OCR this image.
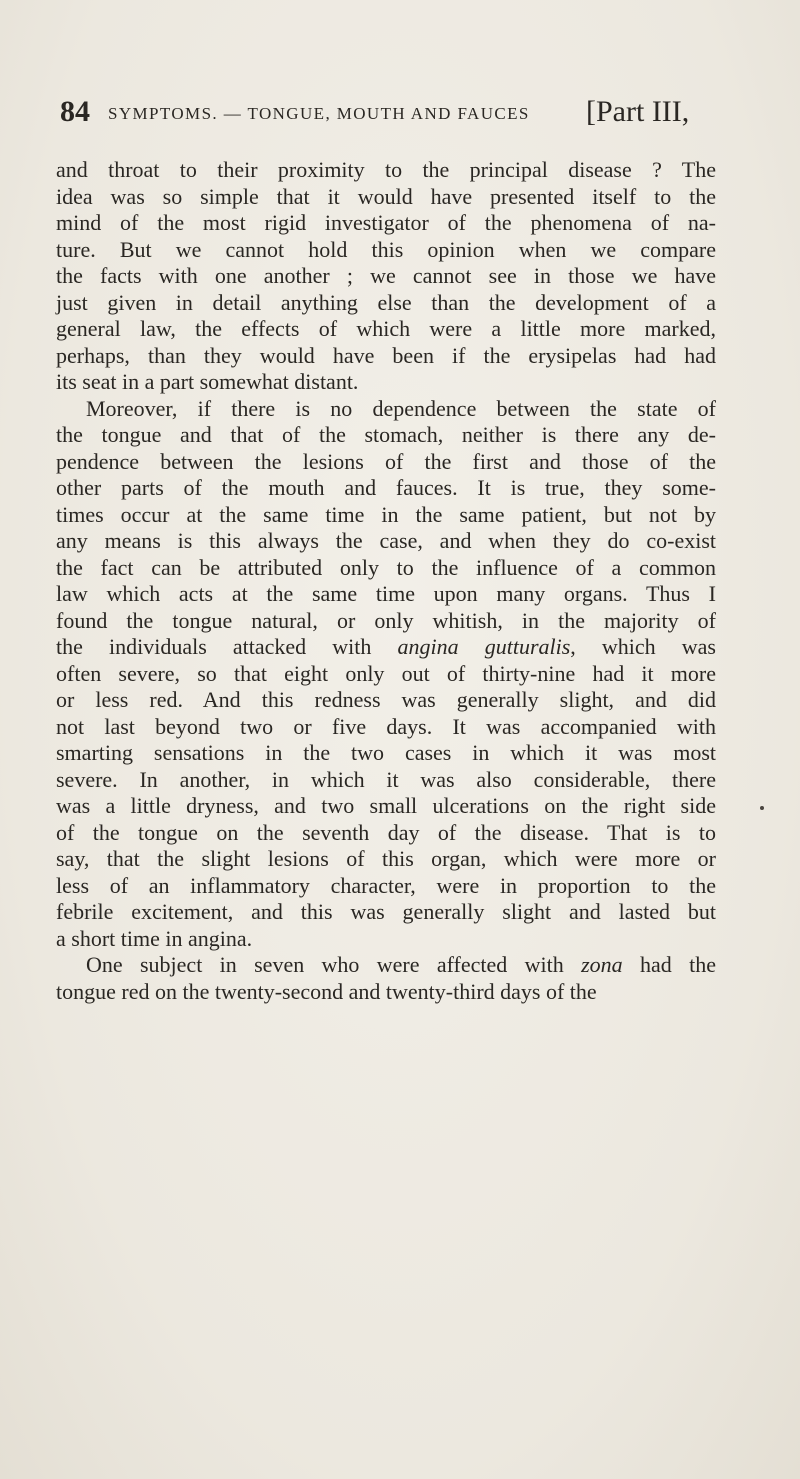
84 SYMPTOMS. — TONGUE, MOUTH AND FAUCES [Part III,
and throat to their proximity to the principal disease ? The
idea was so simple that it would have presented itself to the
mind of the most rigid investigator of the phenomena of na-
ture. But we cannot hold this opinion when we compare
the facts with one another ; we cannot see in those we have
just given in detail anything else than the development of a
general law, the effects of which were a little more marked,
perhaps, than they would have been if the erysipelas had had
its seat in a part somewhat distant.
Moreover, if there is no dependence between the state of
the tongue and that of the stomach, neither is there any de-
pendence between the lesions of the first and those of the
other parts of the mouth and fauces. It is true, they some-
times occur at the same time in the same patient, but not by
any means is this always the case, and when they do co-exist
the fact can be attributed only to the influence of a common
law which acts at the same time upon many organs. Thus I
found the tongue natural, or only whitish, in the majority of
the individuals attacked with angina gutturalis, which was
often severe, so that eight only out of thirty-nine had it more
or less red. And this redness was generally slight, and did
not last beyond two or five days. It was accompanied with
smarting sensations in the two cases in which it was most
severe. In another, in which it was also considerable, there
was a little dryness, and two small ulcerations on the right side
of the tongue on the seventh day of the disease. That is to
say, that the slight lesions of this organ, which were more or
less of an inflammatory character, were in proportion to the
febrile excitement, and this was generally slight and lasted but
a short time in angina.
One subject in seven who were affected with zona had the
tongue red on the twenty-second and twenty-third days of the
